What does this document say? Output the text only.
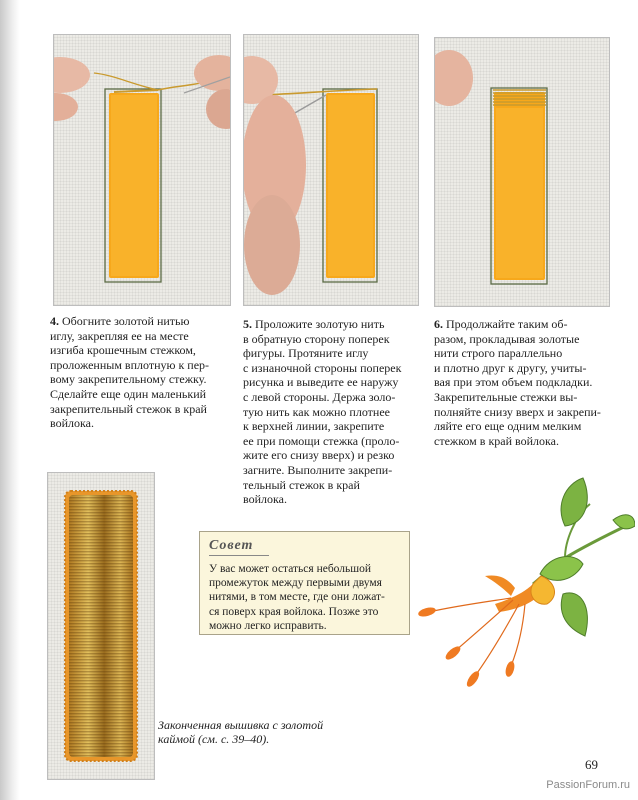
4. Обогните золотой нитью
иглу, закрепляя ее на месте
изгиба крошечным стежком,
проложенным вплотную к пер-
вому закрепительному стежку.
Сделайте еще один маленький
закрепительный стежок в край
войлока.
5. Проложите золотую нить
в обратную сторону поперек
фигуры. Протяните иглу
с изнаночной стороны поперек
рисунка и выведите ее наружу
с левой стороны. Держа золо-
тую нить как можно плотнее
к верхней линии, закрепите
ее при помощи стежка (проло-
жите его снизу вверх) и резко
загните. Выполните закрепи-
тельный стежок в край
войлока.
6. Продолжайте таким об-
разом, прокладывая золотые
нити строго параллельно
и плотно друг к другу, учиты-
вая при этом объем подкладки.
Закрепительные стежки вы-
полняйте снизу вверх и закрепи-
ляйте его еще одним мелким
стежком в край войлока.
Совет
У вас может остаться небольшой
промежуток между первыми двумя
нитями, в том месте, где они ложат-
ся поверх края войлока. Позже это
можно легко исправить.
Законченная вышивка с золотой
каймой (см. с. 39–40).
69
PassionForum.ru
